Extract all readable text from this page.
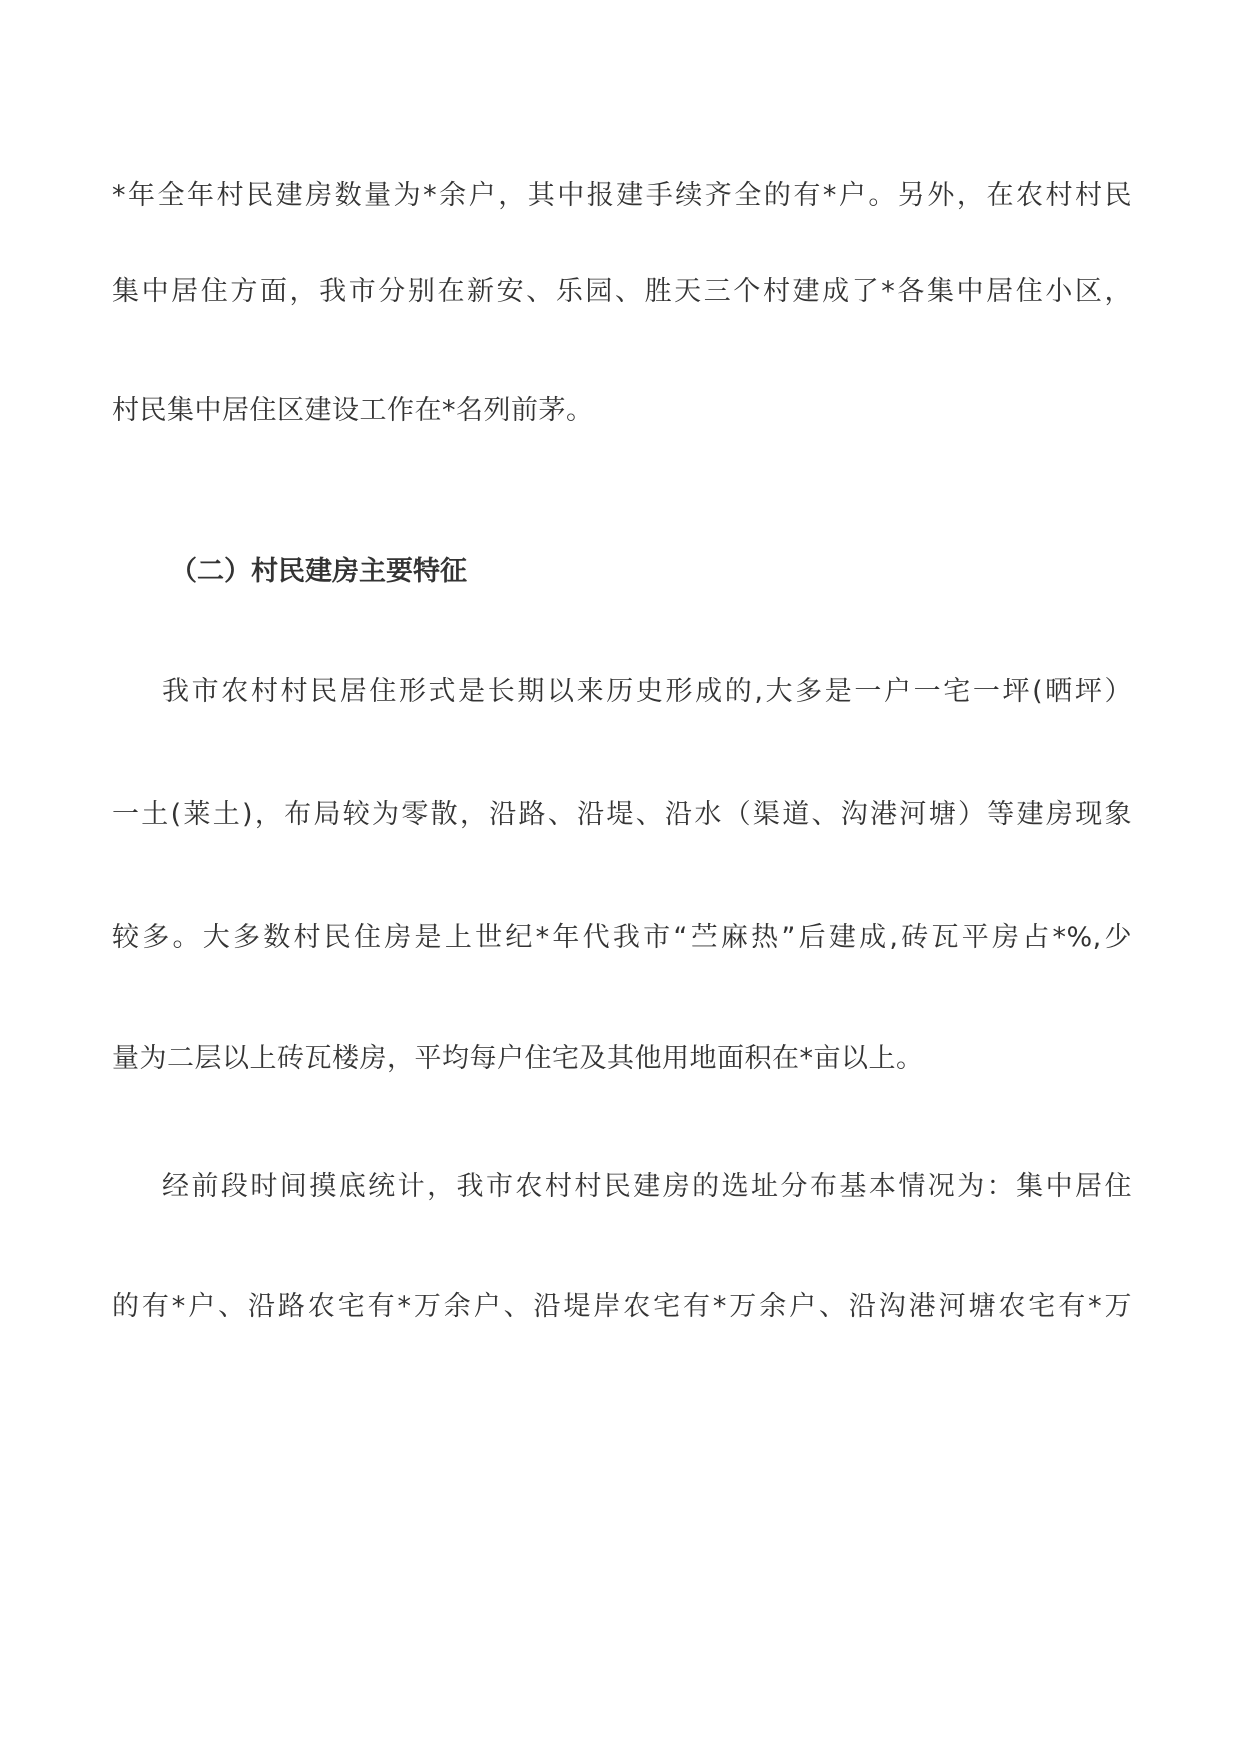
*年全年村民建房数量为*余户，其中报建手续齐全的有*户。另外，在农村村民
集中居住方面，我市分别在新安、乐园、胜天三个村建成了*各集中居住小区，
村民集中居住区建设工作在*名列前茅。
（二）村民建房主要特征
我市农村村民居住形式是长期以来历史形成的,大多是一户一宅一坪(晒坪）
一土(莱土)，布局较为零散，沿路、沿堤、沿水（渠道、沟港河塘）等建房现象
较多。大多数村民住房是上世纪*年代我市“苎麻热”后建成,砖瓦平房占*%,少
量为二层以上砖瓦楼房，平均每户住宅及其他用地面积在*亩以上。
经前段时间摸底统计，我市农村村民建房的选址分布基本情况为：集中居住
的有*户、沿路农宅有*万余户、沿堤岸农宅有*万余户、沿沟港河塘农宅有*万
